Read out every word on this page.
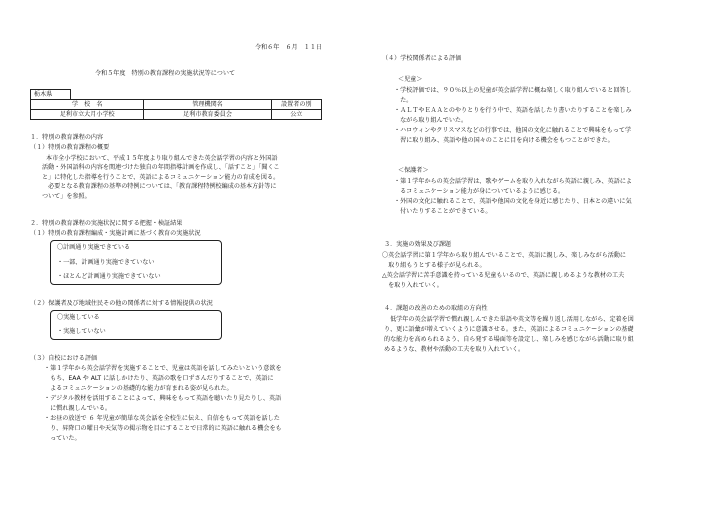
令和６年　６月　１１日
令和５年度　特別の教育課程の実施状況等について
栃木県
学　校　名	管理機関名	設置者の別
足利市立大月小学校	足利市教育委員会	公立
１．特別の教育課程の内容
（１）特別の教育課程の概要
本市全小学校において、平成１５年度より取り組んできた英会話学習の内容と外国語
活動・外国語科の内容を関連づけた独自の年間指導計画を作成し、「話すこと」「聞くこ
と」に特化した指導を行うことで、英語によるコミュニケーション能力の育成を図る。
　必要となる教育課程の基準の特例については、「教育課程特例校編成の基本方針等に
ついて」を参照。
２．特別の教育課程の実施状況に関する把握・検証結果
（１）特別の教育課程編成・実施計画に基づく教育の実施状況
〇計画通り実施できている
・一部、計画通り実施できていない
・ほとんど計画通り実施できていない
（２）保護者及び地域住民その他の関係者に対する情報提供の状況
〇実施している
・実施していない
（３）自校における評価
・第１学年から英会話学習を実施することで、児童は英語を話してみたいという意欲を
　もち、EAA や ALT に話しかけたり、英語の歌を口ずさんだりすることで、英語に
　よるコミュニケーションの基礎的な能力が育まれる姿が見られた。
・デジタル教材を活用することによって、興味をもって英語を聴いたり見たりし、英語
　に慣れ親しんでいる。
・お昼の放送で ６ 年児童が簡単な英会話を全校生に伝え、自信をもって英語を話した
　り、昇降口の曜日や天気等の掲示物を目にすることで日常的に英語に触れる機会をも
　っていた。
（４）学校関係者による評価
＜児童＞
・学校評価では、９０％以上の児童が英会話学習に概ね楽しく取り組んでいると回答し
　た。
・ＡＬＴやＥＡＡとのやりとりを行う中で、英語を話したり書いたりすることを楽しみ
　ながら取り組んでいた。
・ハロウィンやクリスマスなどの行事では、他国の文化に触れることで興味をもって学
　習に取り組み、英語や他の国々のことに目を向ける機会をもつことができた。
＜保護者＞
・第１学年からの英会話学習は、歌やゲームを取り入れながら英語に親しみ、英語によ
　るコミュニケーション能力が身についているように感じる。
・外国の文化に触れることで、英語や他国の文化を身近に感じたり、日本との違いに気
　付いたりすることができている。
３．実施の効果及び課題
〇英会話学習に第１学年から取り組んでいることで、英語に親しみ、楽しみながら活動に
　取り組もうとする様子が見られる。
△英会話学習に苦手意識を持っている児童もいるので、英語に親しめるような教材の工夫
　を取り入れていく。
４．課題の改善のための取組の方向性
　低学年の英会話学習で慣れ親しんできた単語や英文等を繰り返し活用しながら、定着を図
り、更に語彙が増えていくように意識させる。また、英語によるコミュニケーションの基礎
的な能力を高められるよう、自ら発する場面等を設定し、楽しみを感じながら活動に取り組
めるような、教材や活動の工夫を取り入れていく。
